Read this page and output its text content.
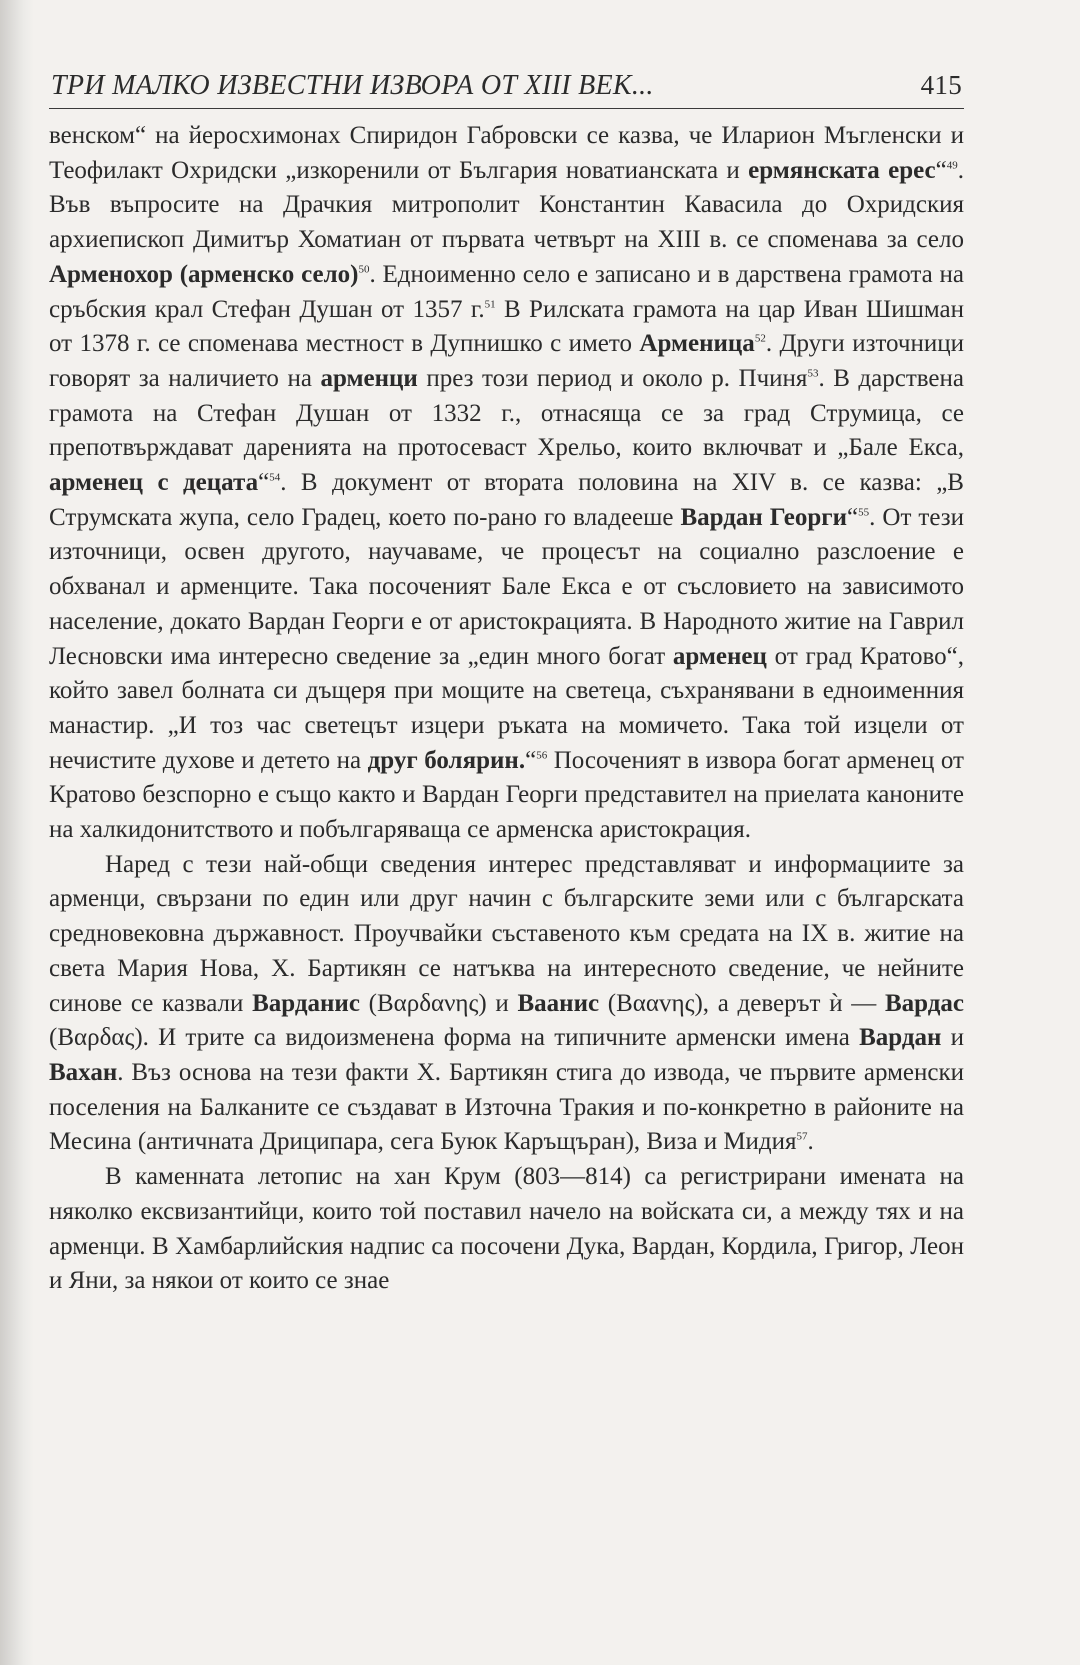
ТРИ МАЛКО ИЗВЕСТНИ ИЗВОРА ОТ XIII ВЕК...	415

венском“ на йеросхимонах Спиридон Габровски се казва, че Иларион Мъгленски и Теофилакт Охридски „изкоренили от България новатианската и ермянската ерес“$^{49}$. Във въпросите на Драчкия митрополит Константин Кавасила до Охридския архиепископ Димитър Хоматиан от първата четвърт на XIII в. се споменава за село Арменохор (арменско село)$^{50}$. Едноименно село е записано и в дарствена грамота на сръбския крал Стефан Душан от 1357 г.$^{51}$ В Рилската грамота на цар Иван Шишман от 1378 г. се споменава местност в Дупнишко с името Арменица$^{52}$. Други източници говорят за наличието на арменци през този период и около р. Пчиня$^{53}$. В дарствена грамота на Стефан Душан от 1332 г., отнасяща се за град Струмица, се препотвърждават даренията на протосеваст Хрельо, които включват и „Бале Екса, арменец с децата“$^{54}$. В документ от втората половина на XIV в. се казва: „В Струмската жупа, село Градец, което по-рано го владееше Вардан Георги“$^{55}$. От тези източници, освен другото, научаваме, че процесът на социално разслоение е обхванал и арменците. Така посоченият Бале Екса е от съсловието на зависимото население, докато Вардан Георги е от аристокрацията. В Народното житие на Гаврил Лесновски има интересно сведение за „един много богат арменец от град Кратово“, който завел болната си дъщеря при мощите на светеца, съхранявани в едноименния манастир. „И тоз час светецът изцери ръката на момичето. Така той изцели от нечистите духове и детето на друг болярин.“$^{56}$ Посоченият в извора богат арменец от Кратово безспорно е също както и Вардан Георги представител на приелата каноните на халкидонитството и побългаряваща се арменска аристокрация.

Наред с тези най-общи сведения интерес представляват и информациите за арменци, свързани по един или друг начин с българските земи или с българската средновековна държавност. Проучвайки съставеното към средата на IX в. житие на света Мария Нова, Х. Бартикян се натъква на интересното сведение, че нейните синове се казвали Варданис (Βαρδανης) и Ваанис (Βααvης), а деверът ѝ — Вардас (Βαρδας). И трите са видоизменена форма на типичните арменски имена Вардан и Вахан. Въз основа на тези факти Х. Бартикян стига до извода, че първите арменски поселения на Балканите се създават в Източна Тракия и по-конкретно в районите на Месина (античната Дриципара, сега Буюк Каръщъран), Виза и Мидия$^{57}$.

В каменната летопис на хан Крум (803—814) са регистрирани имената на няколко ексвизантийци, които той поставил начело на войската си, а между тях и на арменци. В Хамбарлийския надпис са посочени Дука, Вардан, Кордила, Григор, Леон и Яни, за някои от които се знае
